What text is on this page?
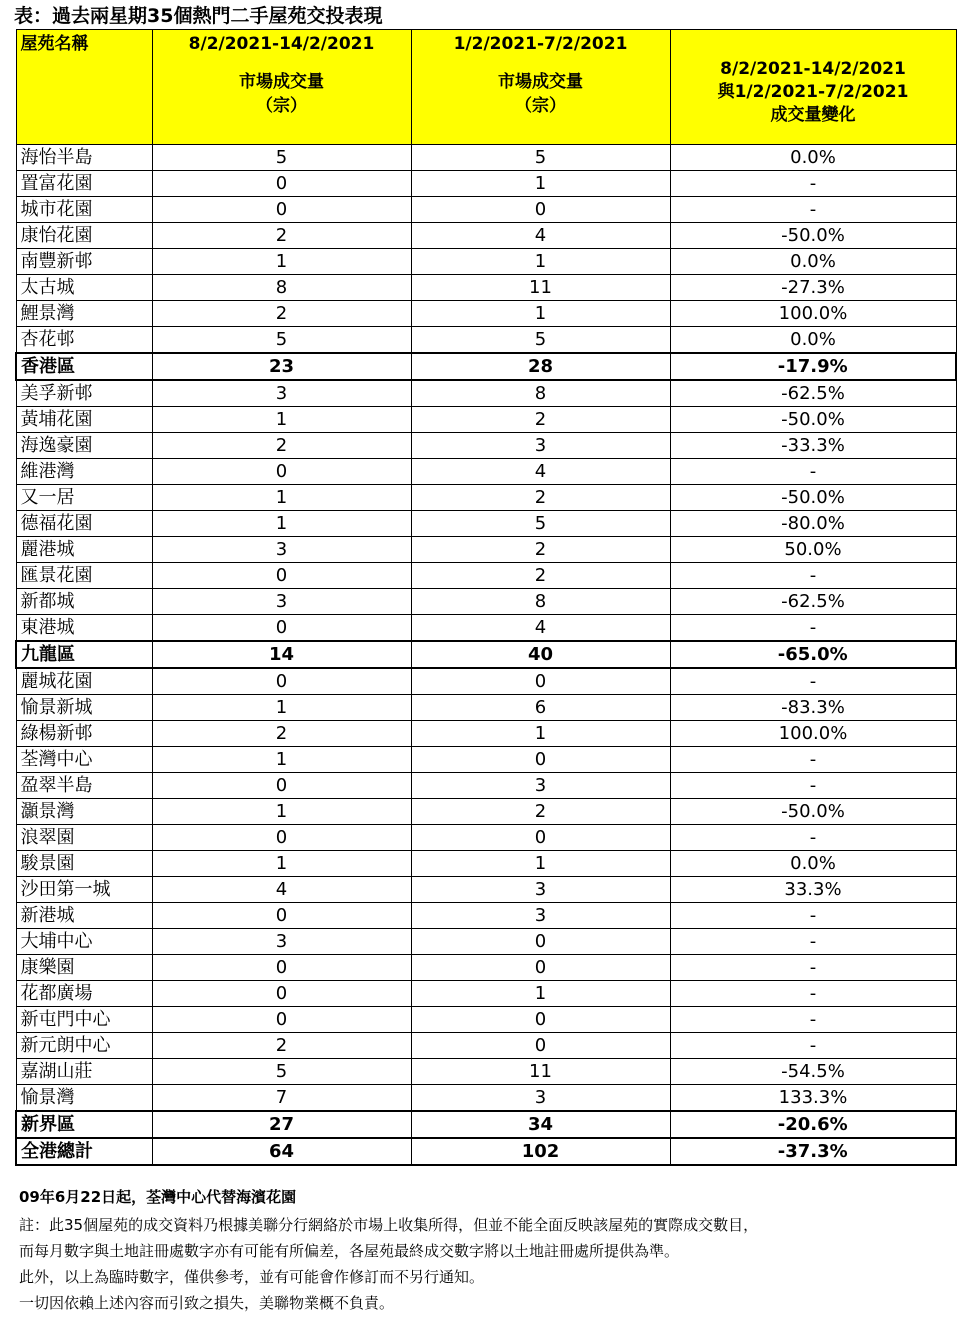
表：過去兩星期35個熱門二手屋苑交投表現
屋苑名稱	8/2/2021-14/2/2021
市場成交量
（宗）	1/2/2021-7/2/2021
市場成交量
（宗）	8/2/2021-14/2/2021
與1/2/2021-7/2/2021
成交量變化

海怡半島	5	5	0.0%
置富花園	0	1	-
城市花園	0	0	-
康怡花園	2	4	-50.0%
南豐新邨	1	1	0.0%
太古城	8	11	-27.3%
鯉景灣	2	1	100.0%
杏花邨	5	5	0.0%
香港區	23	28	-17.9%
美孚新邨	3	8	-62.5%
黃埔花園	1	2	-50.0%
海逸豪園	2	3	-33.3%
維港灣	0	4	-
又一居	1	2	-50.0%
德福花園	1	5	-80.0%
麗港城	3	2	50.0%
匯景花園	0	2	-
新都城	3	8	-62.5%
東港城	0	4	-
九龍區	14	40	-65.0%
麗城花園	0	0	-
愉景新城	1	6	-83.3%
綠楊新邨	2	1	100.0%
荃灣中心	1	0	-
盈翠半島	0	3	-
灝景灣	1	2	-50.0%
浪翠園	0	0	-
駿景園	1	1	0.0%
沙田第一城	4	3	33.3%
新港城	0	3	-
大埔中心	3	0	-
康樂園	0	0	-
花都廣場	0	1	-
新屯門中心	0	0	-
新元朗中心	2	0	-
嘉湖山莊	5	11	-54.5%
愉景灣	7	3	133.3%
新界區	27	34	-20.6%
全港總計	64	102	-37.3%
09年6月22日起，荃灣中心代替海濱花園
註：此35個屋苑的成交資料乃根據美聯分行網絡於市場上收集所得，但並不能全面反映該屋苑的實際成交數目，
而每月數字與土地註冊處數字亦有可能有所偏差，各屋苑最終成交數字將以土地註冊處所提供為準。
此外，以上為臨時數字，僅供參考，並有可能會作修訂而不另行通知。
一切因依賴上述內容而引致之損失，美聯物業概不負責。
